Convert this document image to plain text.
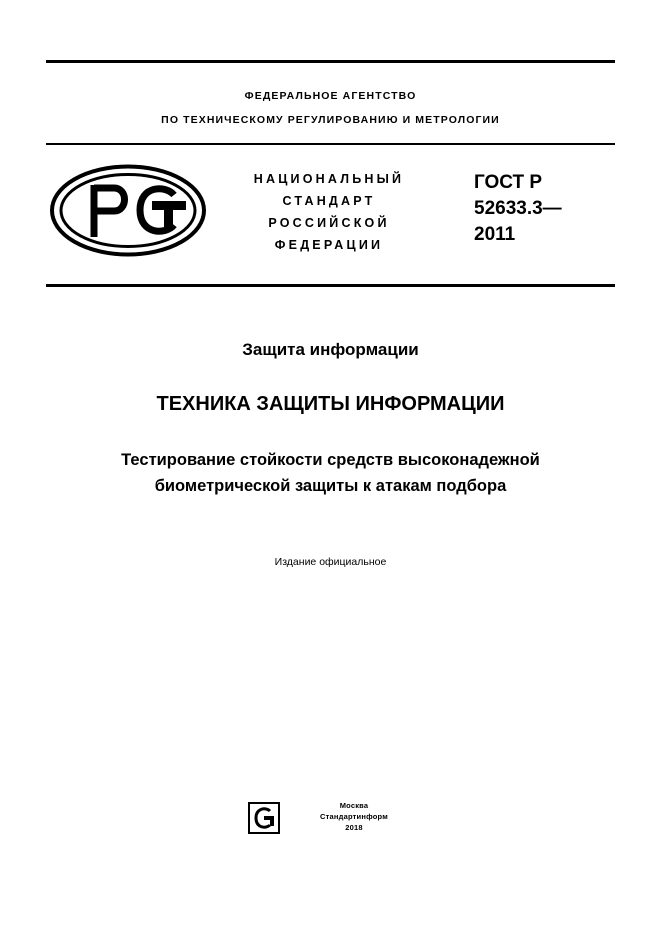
ФЕДЕРАЛЬНОЕ АГЕНТСТВО
ПО ТЕХНИЧЕСКОМУ РЕГУЛИРОВАНИЮ И МЕТРОЛОГИИ
НАЦИОНАЛЬНЫЙ
СТАНДАРТ
РОССИЙСКОЙ
ФЕДЕРАЦИИ
ГОСТ Р
52633.3—
2011
Защита информации
ТЕХНИКА ЗАЩИТЫ ИНФОРМАЦИИ
Тестирование стойкости средств высоконадежной
биометрической защиты к атакам подбора
Издание официальное
Москва
Стандартинформ
2018
